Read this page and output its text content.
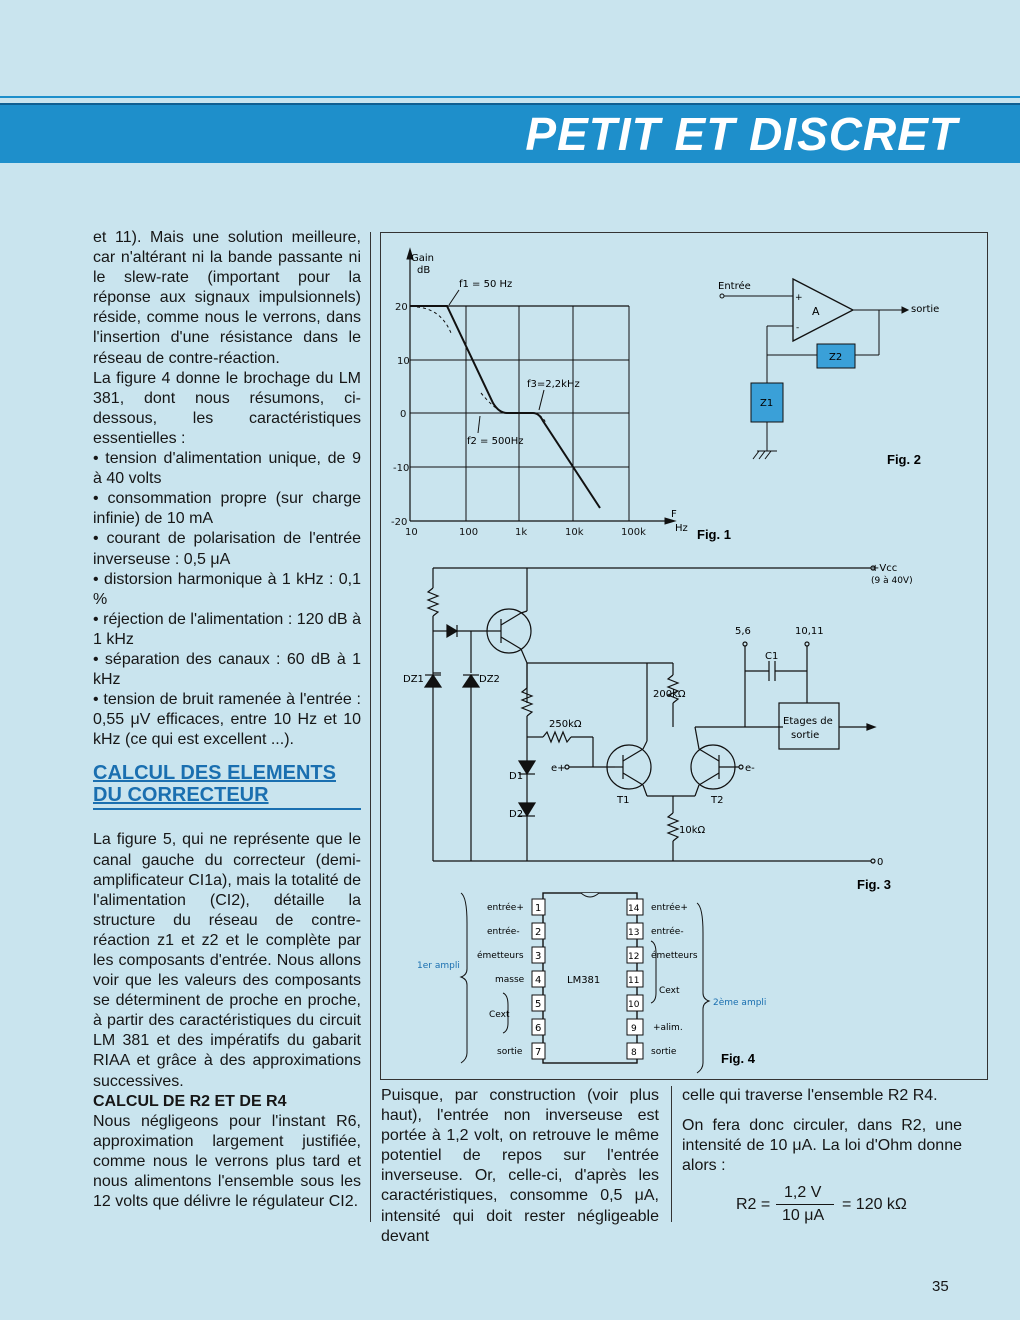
PETIT ET DISCRET

et 11). Mais une solution meilleure, car n'altérant ni la bande passante ni le slew-rate (important pour la réponse aux signaux impulsionnels) réside, comme nous le verrons, dans l'insertion d'une résistance dans le réseau de contre-réaction.

La figure 4 donne le brochage du LM 381, dont nous résumons, ci-dessous, les caractéristiques essentielles :

• tension d'alimentation unique, de 9 à 40 volts

• consommation propre (sur charge infinie) de 10 mA

• courant de polarisation de l'entrée inverseuse : 0,5 μA

• distorsion harmonique à 1 kHz : 0,1 %

• réjection de l'alimentation : 120 dB à 1 kHz

• séparation des canaux : 60 dB à 1 kHz

• tension de bruit ramenée à l'entrée : 0,55 μV efficaces, entre 10 Hz et 10 kHz (ce qui est excellent ...).

CALCUL DES ELEMENTS DU CORRECTEUR

La figure 5, qui ne représente que le canal gauche du correcteur (demi-amplificateur CI1a), mais la totalité de l'alimentation (CI2), détaille la structure du réseau de contre-réaction z1 et z2 et le complète par les composants d'entrée. Nous allons voir que les valeurs des composants se déterminent de proche en proche, à partir des caractéristiques du circuit LM 381 et des impératifs du gabarit RIAA et grâce à des approximations successives.

CALCUL DE R2 ET DE R4

Nous négligeons pour l'instant R6, approximation largement justifiée, comme nous le verrons plus tard et nous alimentons l'ensemble sous les 12 volts que délivre le régulateur CI2.

Gain
dB
20
10
0
-10
-20
10	100	1k	10k	100k
F
Hz
f1 = 50 Hz
f2 = 500Hz
f3=2,2kHz
Fig. 1
Z2
Z1
A
+
-
Entrée
sortie
Fig. 2
+Vcc
(9 à 40V)
0
DZ1	DZ2
D1
D2
250kΩ
200kΩ
10kΩ
T1	T2
e+	e-
C1
5,6	10,11
Etages de
sortie
Fig. 3
1
2
3
4
5
6
7
entrée+
entrée-
émetteurs
masse
Cext
sortie
14
13
12
11
10
9
8
entrée+
entrée-
émetteurs
Cext
+alim.
sortie
LM381
1er ampli
2ème ampli
Fig. 4

Puisque, par construction (voir plus haut), l'entrée non inverseuse est portée à 1,2 volt, on retrouve le même potentiel de repos sur l'entrée inverseuse. Or, celle-ci, d'après les caractéristiques, consomme 0,5 μA, intensité qui doit rester négligeable devant

celle qui traverse l'ensemble R2 R4.

On fera donc circuler, dans R2, une intensité de 10 μA. La loi d'Ohm donne alors :

R2 =
1,2 V
10 μA
= 120 kΩ
35
